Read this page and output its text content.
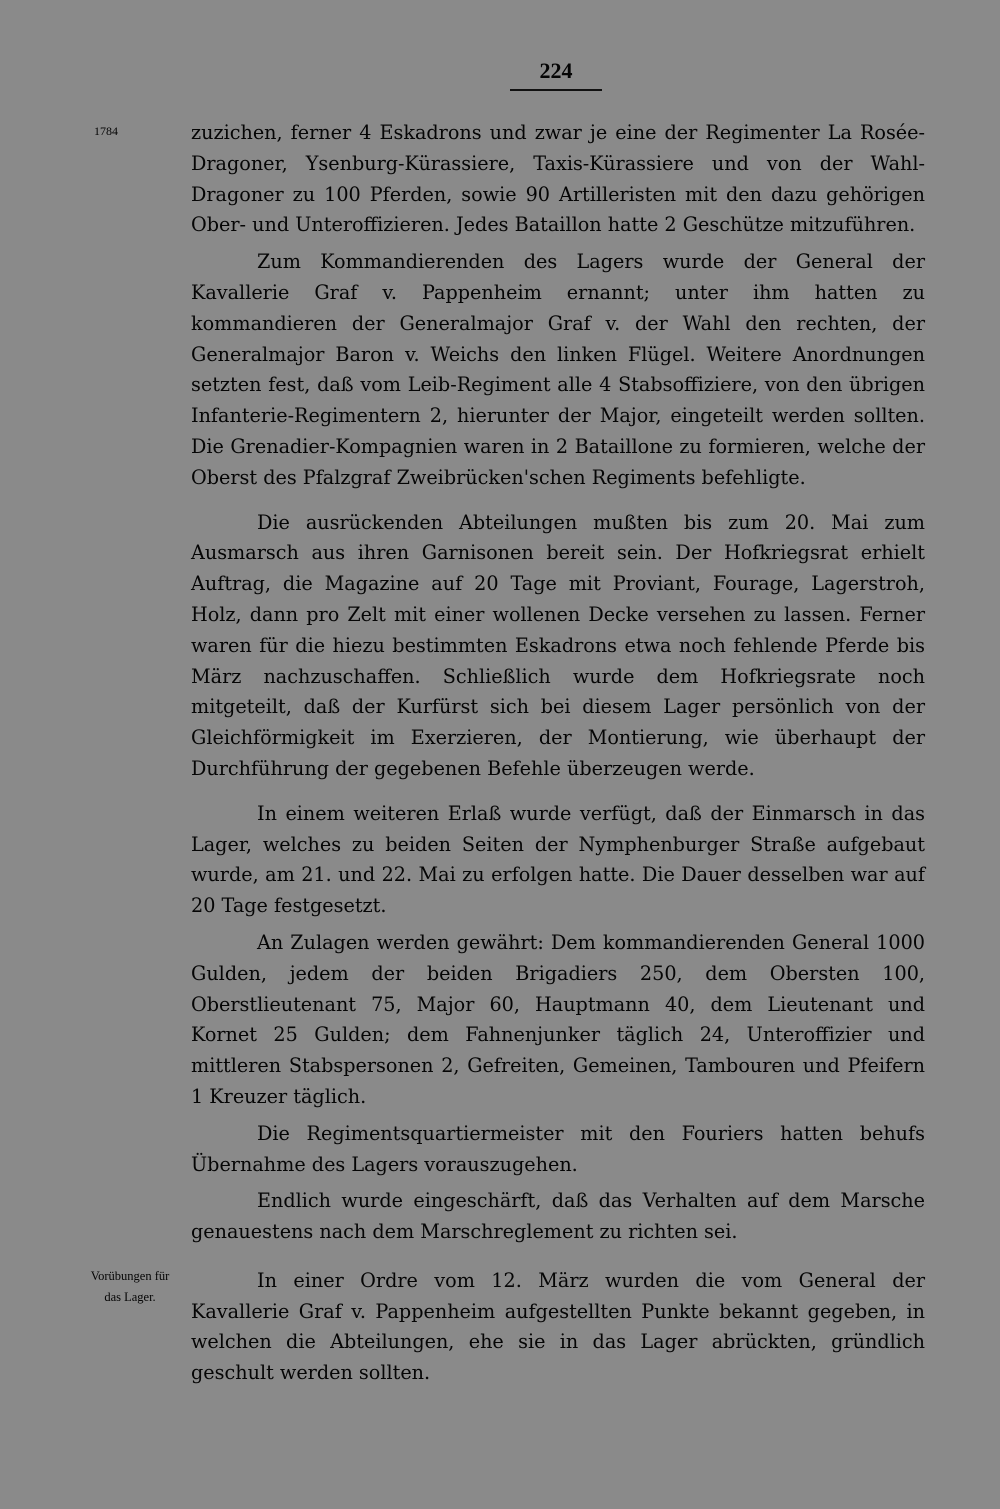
224
1784
Vorübungen für
das Lager.

zuzichen, ferner 4 Eskadrons und zwar je eine der Regimenter La Rosée-Dragoner, Ysenburg-Kürassiere, Taxis-Kürassiere und von der Wahl-Dragoner zu 100 Pferden, sowie 90 Artilleristen mit den dazu gehörigen Ober- und Unteroffizieren. Jedes Bataillon hatte 2 Geschütze mitzuführen.

Zum Kommandierenden des Lagers wurde der General der Kavallerie Graf v. Pappenheim ernannt; unter ihm hatten zu kommandieren der Generalmajor Graf v. der Wahl den rechten, der Generalmajor Baron v. Weichs den linken Flügel. Weitere Anordnungen setzten fest, daß vom Leib-Regiment alle 4 Stabsoffiziere, von den übrigen Infanterie-Regimentern 2, hierunter der Major, eingeteilt werden sollten. Die Grenadier-Kompagnien waren in 2 Bataillone zu formieren, welche der Oberst des Pfalzgraf Zweibrücken'schen Regiments befehligte.

Die ausrückenden Abteilungen mußten bis zum 20. Mai zum Ausmarsch aus ihren Garnisonen bereit sein. Der Hofkriegsrat erhielt Auftrag, die Magazine auf 20 Tage mit Proviant, Fourage, Lagerstroh, Holz, dann pro Zelt mit einer wollenen Decke versehen zu lassen. Ferner waren für die hiezu bestimmten Eskadrons etwa noch fehlende Pferde bis März nachzuschaffen. Schließlich wurde dem Hofkriegsrate noch mitgeteilt, daß der Kurfürst sich bei diesem Lager persönlich von der Gleichförmigkeit im Exerzieren, der Montierung, wie überhaupt der Durchführung der gegebenen Befehle überzeugen werde.

In einem weiteren Erlaß wurde verfügt, daß der Einmarsch in das Lager, welches zu beiden Seiten der Nymphenburger Straße aufgebaut wurde, am 21. und 22. Mai zu erfolgen hatte. Die Dauer desselben war auf 20 Tage festgesetzt.

An Zulagen werden gewährt: Dem kommandierenden General 1000 Gulden, jedem der beiden Brigadiers 250, dem Obersten 100, Oberstlieutenant 75, Major 60, Hauptmann 40, dem Lieutenant und Kornet 25 Gulden; dem Fahnenjunker täglich 24, Unteroffizier und mittleren Stabspersonen 2, Gefreiten, Gemeinen, Tambouren und Pfeifern 1 Kreuzer täglich.

Die Regimentsquartiermeister mit den Fouriers hatten behufs Übernahme des Lagers vorauszugehen.

Endlich wurde eingeschärft, daß das Verhalten auf dem Marsche genauestens nach dem Marschreglement zu richten sei.

In einer Ordre vom 12. März wurden die vom General der Kavallerie Graf v. Pappenheim aufgestellten Punkte bekannt gegeben, in welchen die Abteilungen, ehe sie in das Lager abrückten, gründlich geschult werden sollten.
